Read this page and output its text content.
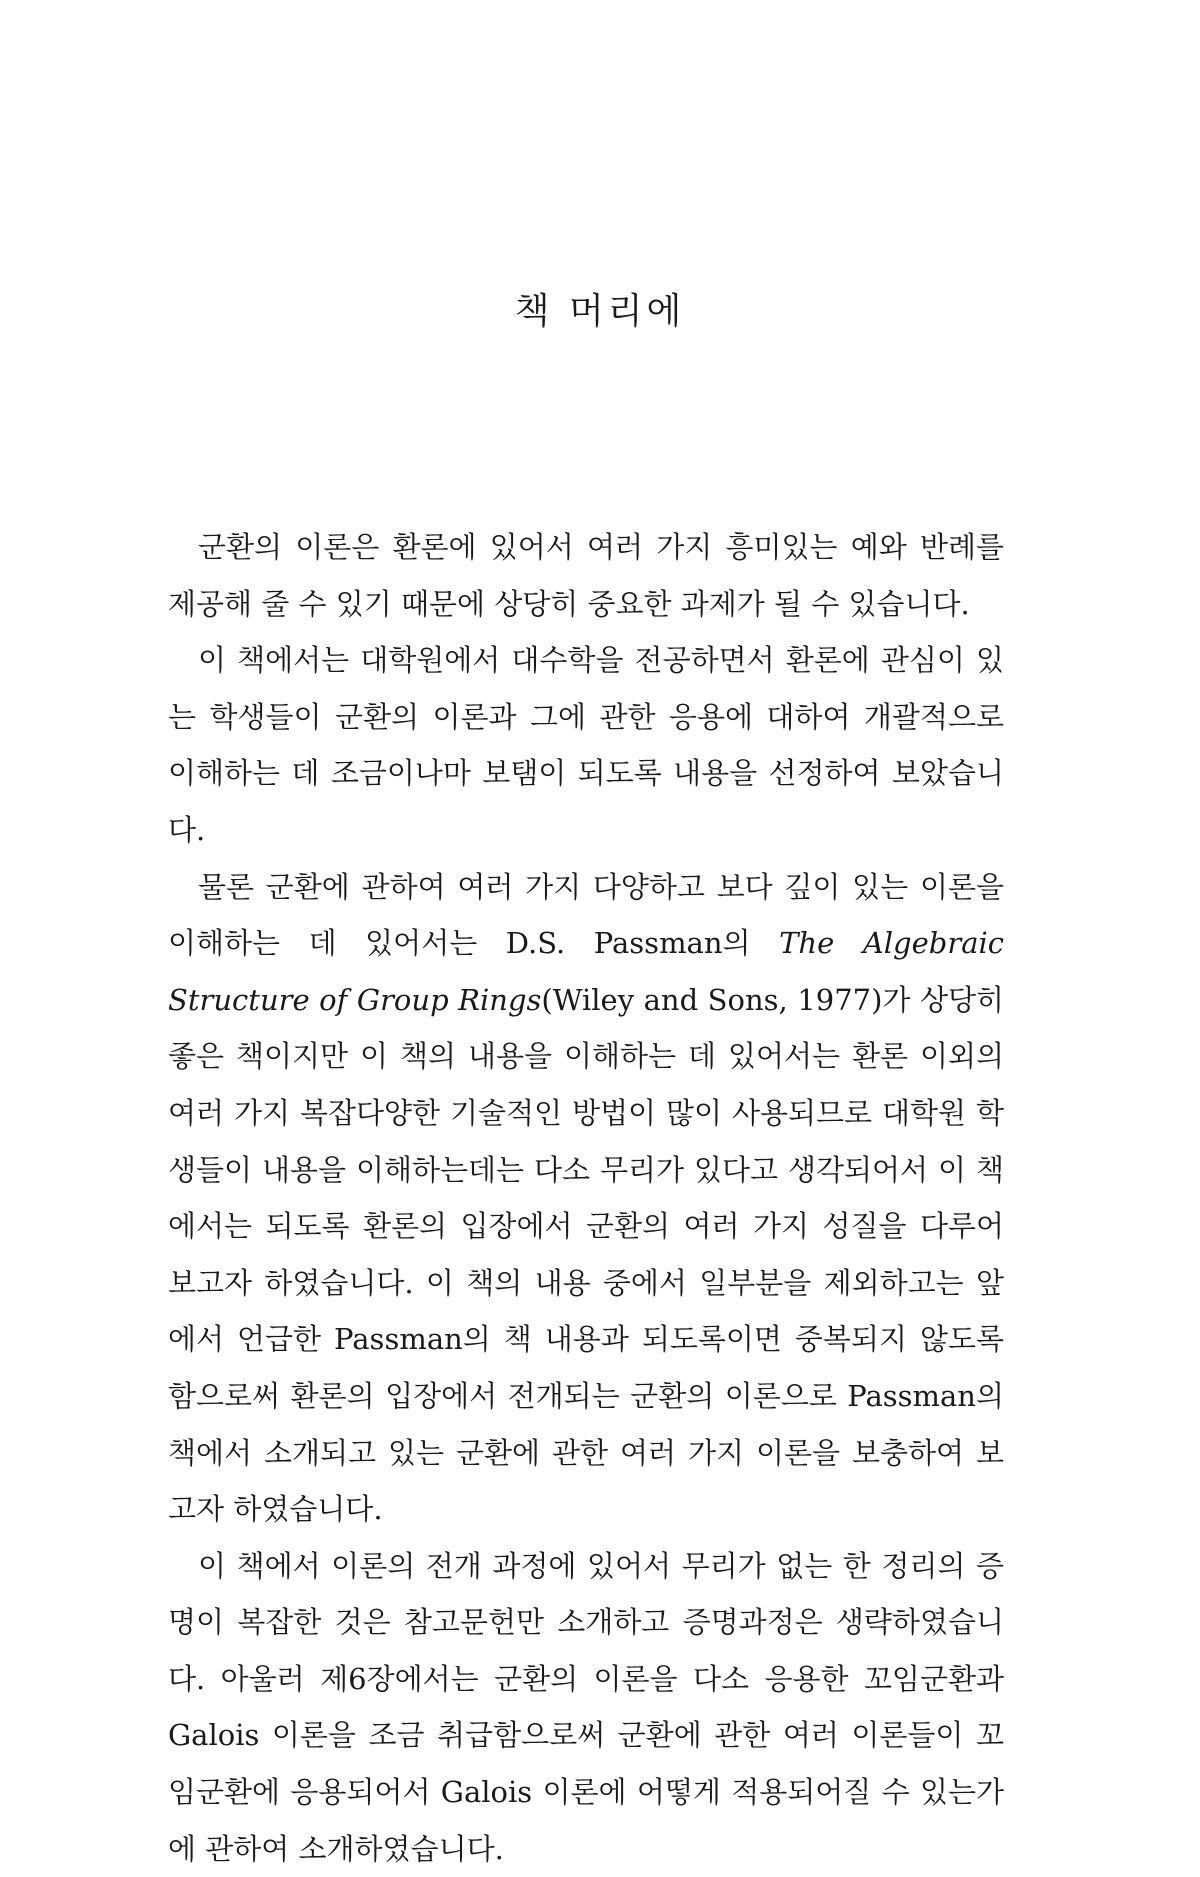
책 머리에

군환의 이론은 환론에 있어서 여러 가지 흥미있는 예와 반례를 제공해 줄 수 있기 때문에 상당히 중요한 과제가 될 수 있습니다.

이 책에서는 대학원에서 대수학을 전공하면서 환론에 관심이 있는 학생들이 군환의 이론과 그에 관한 응용에 대하여 개괄적으로 이해하는 데 조금이나마 보탬이 되도록 내용을 선정하여 보았습니다.

물론 군환에 관하여 여러 가지 다양하고 보다 깊이 있는 이론을 이해하는 데 있어서는 D.S. Passman의 The Algebraic Structure of Group Rings(Wiley and Sons, 1977)가 상당히 좋은 책이지만 이 책의 내용을 이해하는 데 있어서는 환론 이외의 여러 가지 복잡다양한 기술적인 방법이 많이 사용되므로 대학원 학생들이 내용을 이해하는데는 다소 무리가 있다고 생각되어서 이 책에서는 되도록 환론의 입장에서 군환의 여러 가지 성질을 다루어 보고자 하였습니다. 이 책의 내용 중에서 일부분을 제외하고는 앞에서 언급한 Passman의 책 내용과 되도록이면 중복되지 않도록 함으로써 환론의 입장에서 전개되는 군환의 이론으로 Passman의 책에서 소개되고 있는 군환에 관한 여러 가지 이론을 보충하여 보고자 하였습니다.

이 책에서 이론의 전개 과정에 있어서 무리가 없는 한 정리의 증명이 복잡한 것은 참고문헌만 소개하고 증명과정은 생략하였습니다. 아울러 제6장에서는 군환의 이론을 다소 응용한 꼬임군환과 Galois 이론을 조금 취급함으로써 군환에 관한 여러 이론들이 꼬임군환에 응용되어서 Galois 이론에 어떻게 적용되어질 수 있는가에 관하여 소개하였습니다.
